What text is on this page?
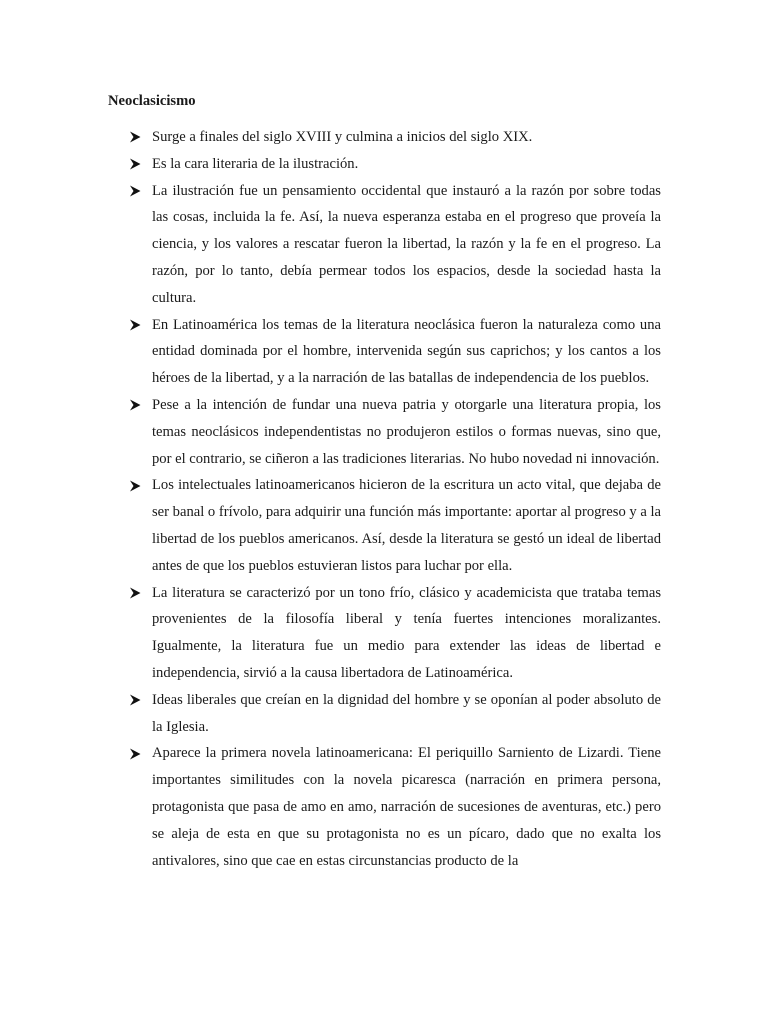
Neoclasicismo
Surge a finales del siglo XVIII y culmina a inicios del siglo XIX.
Es la cara literaria de la ilustración.
La ilustración fue un pensamiento occidental que instauró a la razón por sobre todas las cosas, incluida la fe. Así, la nueva esperanza estaba en el progreso que proveía la ciencia, y los valores a rescatar fueron la libertad, la razón y la fe en el progreso. La razón, por lo tanto, debía permear todos los espacios, desde la sociedad hasta la cultura.
En Latinoamérica los temas de la literatura neoclásica fueron la naturaleza como una entidad dominada por el hombre, intervenida según sus caprichos; y los cantos a los héroes de la libertad, y a la narración de las batallas de independencia de los pueblos.
Pese a la intención de fundar una nueva patria y otorgarle una literatura propia, los temas neoclásicos independentistas no produjeron estilos o formas nuevas, sino que, por el contrario, se ciñeron a las tradiciones literarias. No hubo novedad ni innovación.
Los intelectuales latinoamericanos hicieron de la escritura un acto vital, que dejaba de ser banal o frívolo, para adquirir una función más importante: aportar al progreso y a la libertad de los pueblos americanos. Así, desde la literatura se gestó un ideal de libertad antes de que los pueblos estuvieran listos para luchar por ella.
La literatura se caracterizó por un tono frío, clásico y academicista que trataba temas provenientes de la filosofía liberal y tenía fuertes intenciones moralizantes. Igualmente, la literatura fue un medio para extender las ideas de libertad e independencia, sirvió a la causa libertadora de Latinoamérica.
Ideas liberales que creían en la dignidad del hombre y se oponían al poder absoluto de la Iglesia.
Aparece la primera novela latinoamericana: El periquillo Sarniento de Lizardi. Tiene importantes similitudes con la novela picaresca (narración en primera persona, protagonista que pasa de amo en amo, narración de sucesiones de aventuras, etc.) pero se aleja de esta en que su protagonista no es un pícaro, dado que no exalta los antivalores, sino que cae en estas circunstancias producto de la
